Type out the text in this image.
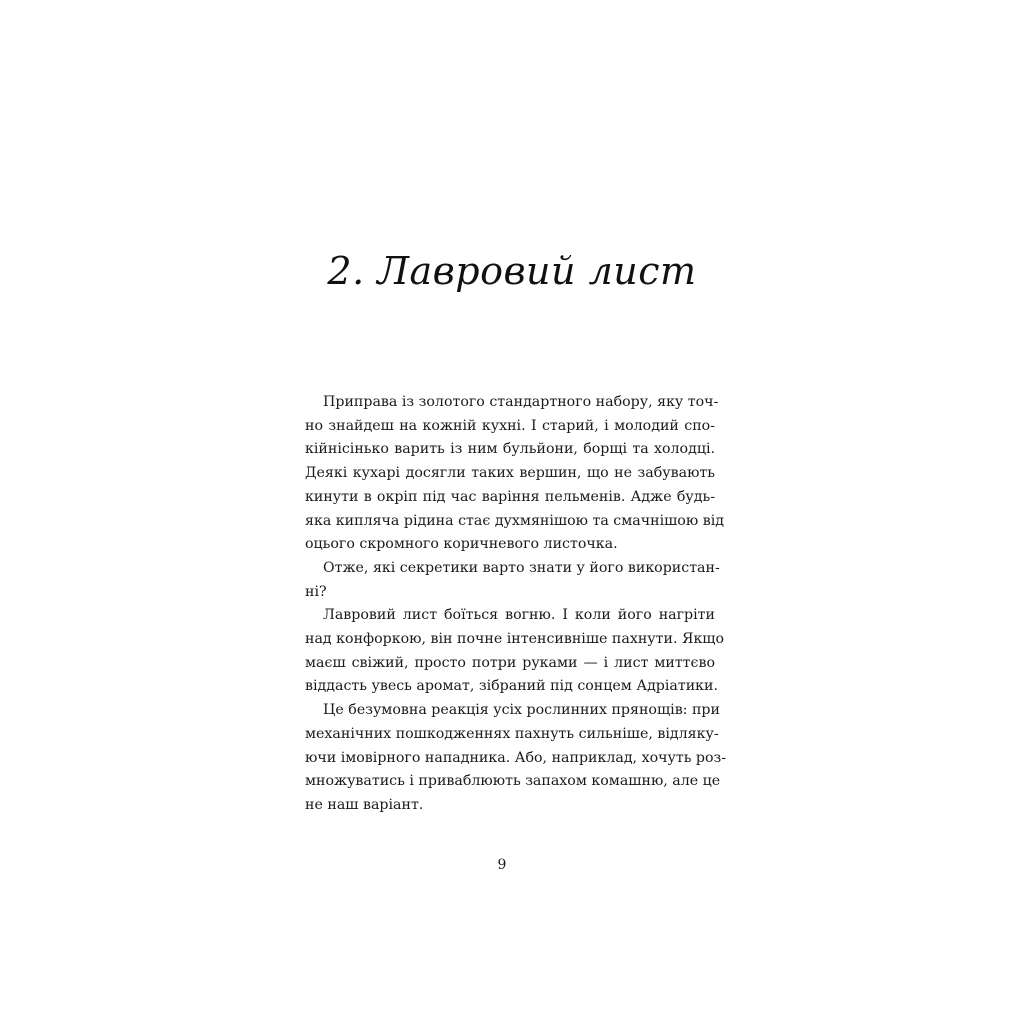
2. Лавровий лист
Приправа із золотого стандартного набору, яку точ-
но знайдеш на кожній кухні. І старий, і молодий спо-
кійнісінько варить із ним бульйони, борщі та холодці.
Деякі кухарі досягли таких вершин, що не забувають
кинути в окріп під час варіння пельменів. Адже будь-
яка кипляча рідина стає духмянішою та смачнішою від
оцього скромного коричневого листочка.
Отже, які секретики варто знати у його використан-
ні?
Лавровий лист боїться вогню. І коли його нагріти
над конфоркою, він почне інтенсивніше пахнути. Якщо
маєш свіжий, просто потри руками — і лист миттєво
віддасть увесь аромат, зібраний під сонцем Адріатики.
Це безумовна реакція усіх рослинних прянощів: при
механічних пошкодженнях пахнуть сильніше, відляку-
ючи імовірного нападника. Або, наприклад, хочуть роз-
множуватись і приваблюють запахом комашню, але це
не наш варіант.
9
